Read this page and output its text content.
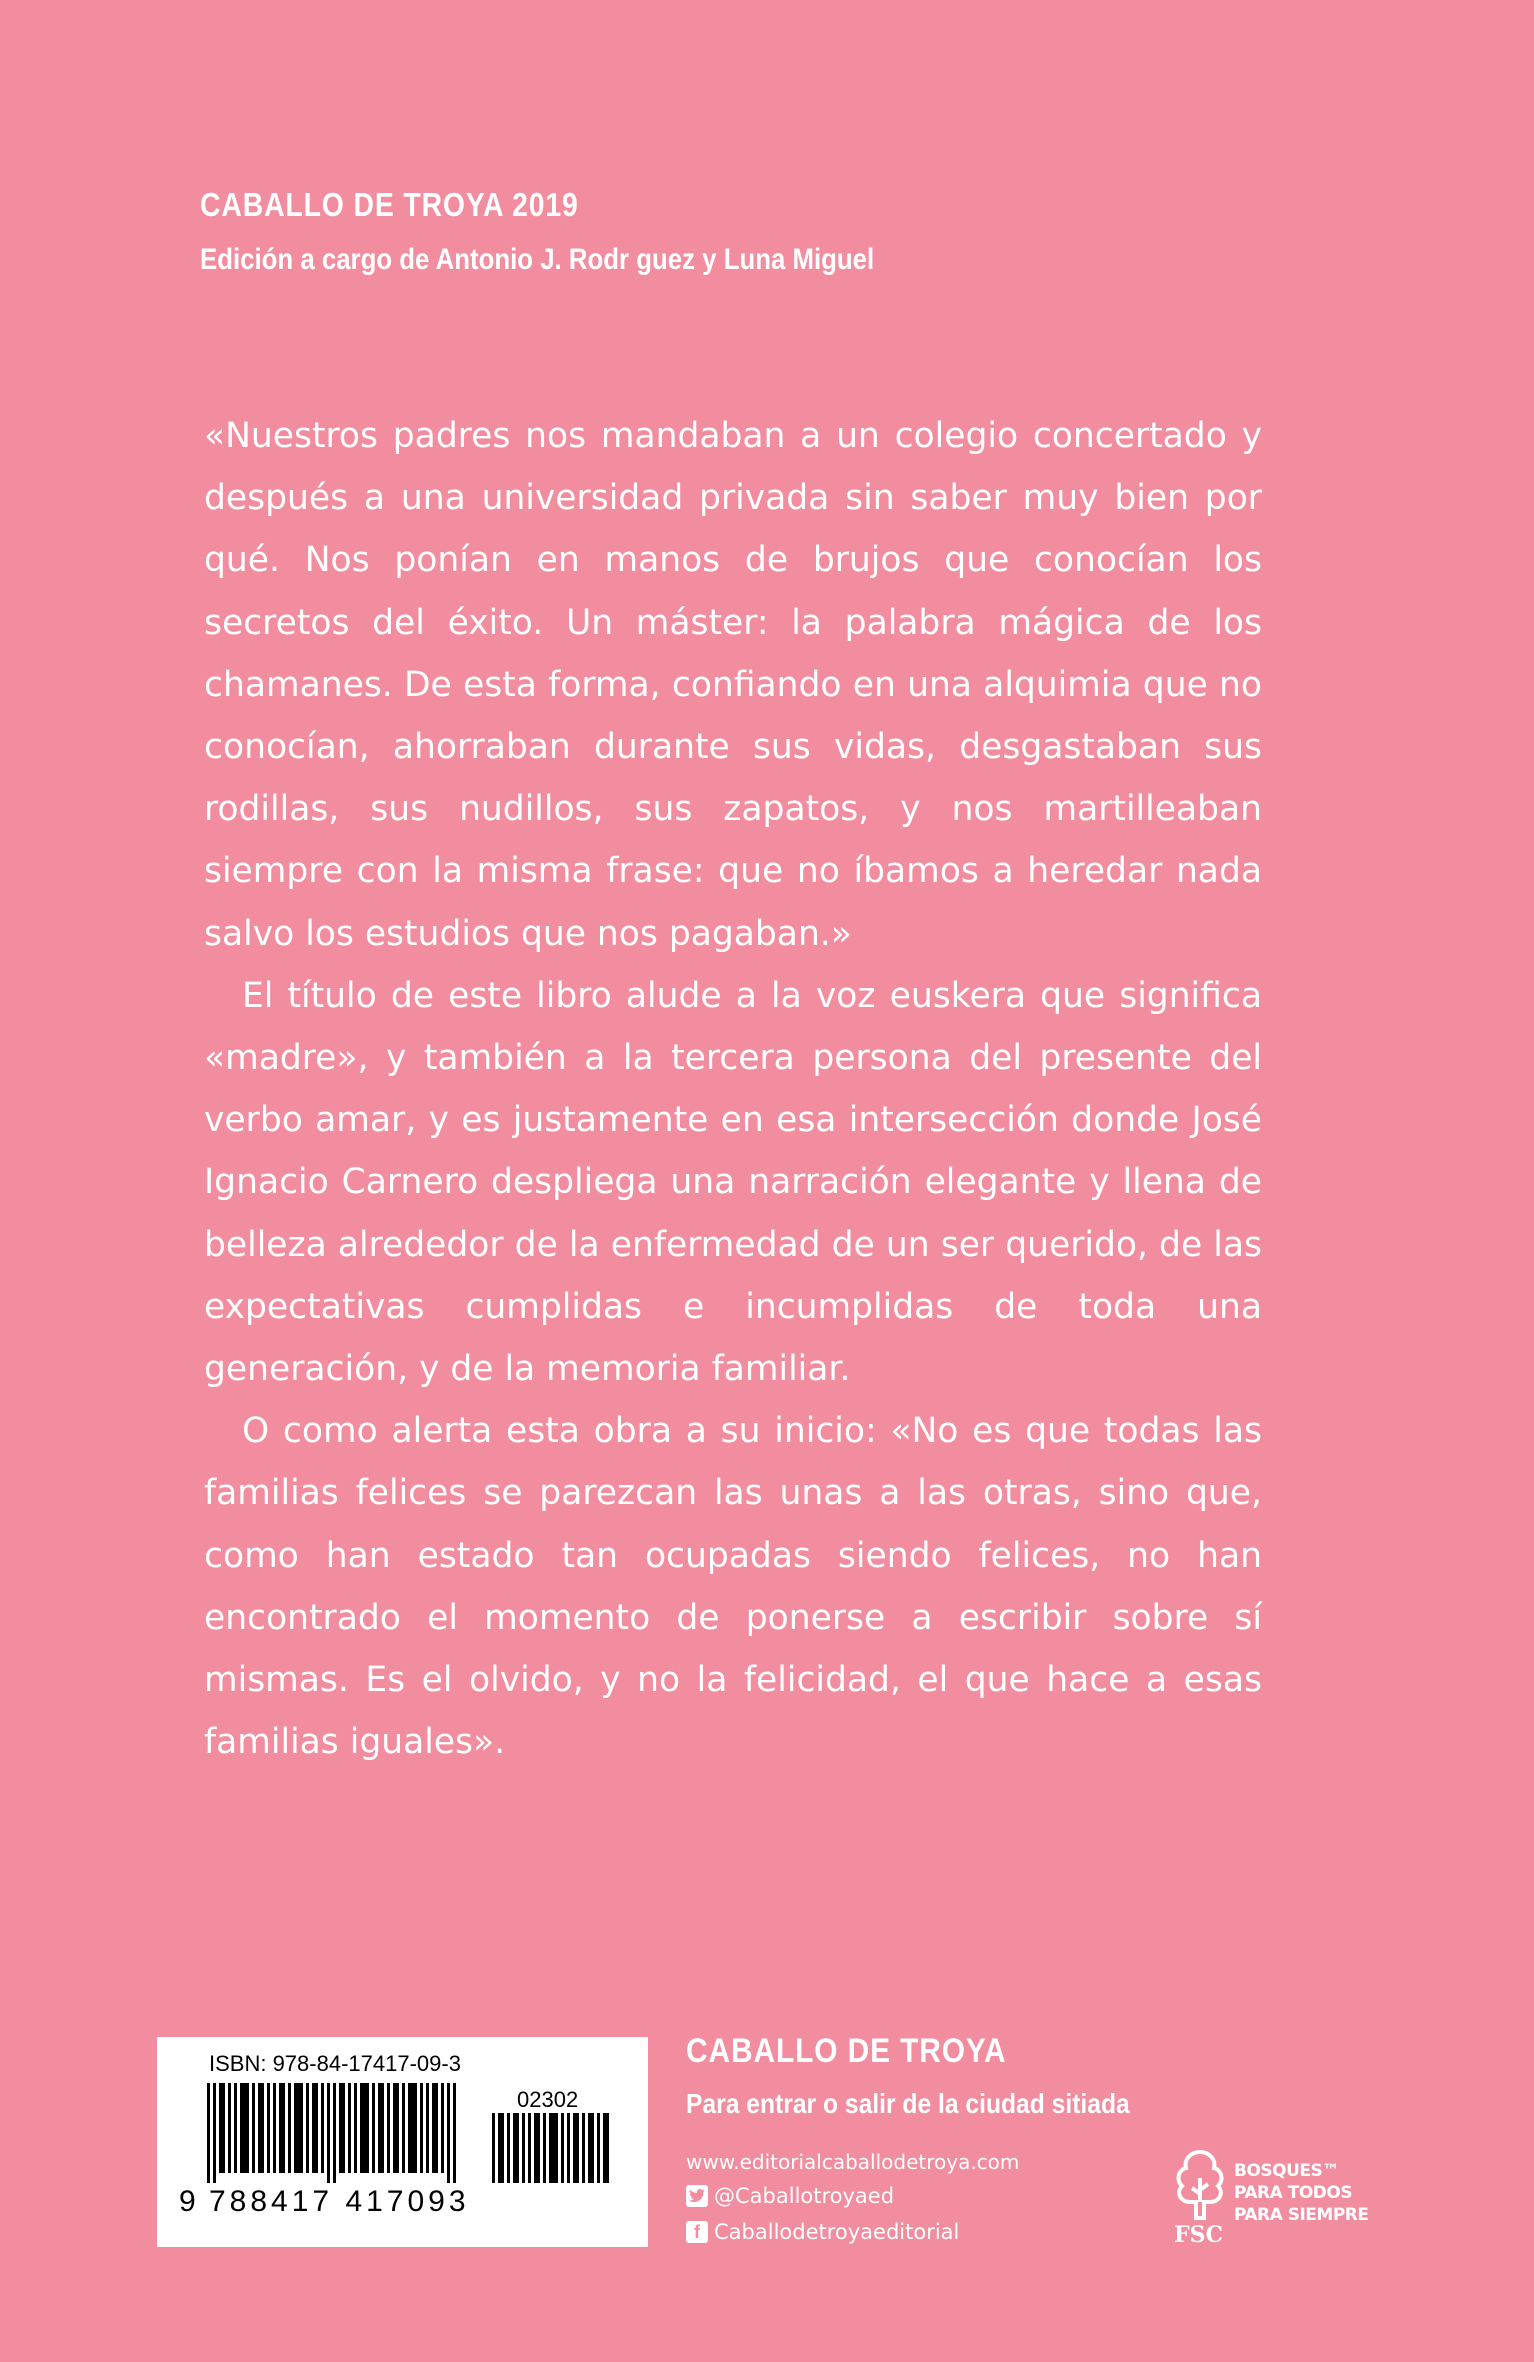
CABALLO DE TROYA 2019
Edición a cargo de Antonio J. Rodr guez y Luna Miguel

«Nuestros padres nos mandaban a un colegio concertado y después a una universidad privada sin saber muy bien por qué. Nos ponían en manos de brujos que conocían los secretos del éxito. Un máster: la palabra mágica de los chamanes. De esta forma, confiando en una alquimia que no conocían, ahorraban durante sus vidas, desgastaban sus rodillas, sus nudillos, sus zapatos, y nos martilleaban siempre con la misma frase: que no íbamos a heredar nada salvo los estudios que nos pagaban.»

El título de este libro alude a la voz euskera que significa «madre», y también a la tercera persona del presente del verbo amar, y es justamente en esa intersección donde José Ignacio Carnero despliega una narración elegante y llena de belleza alrededor de la enfermedad de un ser querido, de las expectativas cumplidas e incumplidas de toda una generación, y de la memoria familiar.

O como alerta esta obra a su inicio: «No es que todas las familias felices se parezcan las unas a las otras, sino que, como han estado tan ocupadas siendo felices, no han encontrado el momento de ponerse a escribir sobre sí mismas. Es el olvido, y no la felicidad, el que hace a esas familias iguales».

ISBN: 978-84-17417-09-3
02302
9 788417 417093
CABALLO DE TROYA
Para entrar o salir de la ciudad sitiada
www.editorialcaballodetroya.com
@Caballotroyaed
f Caballodetroyaeditorial	FSC
BOSQUES™
PARA TODOS
PARA SIEMPRE
